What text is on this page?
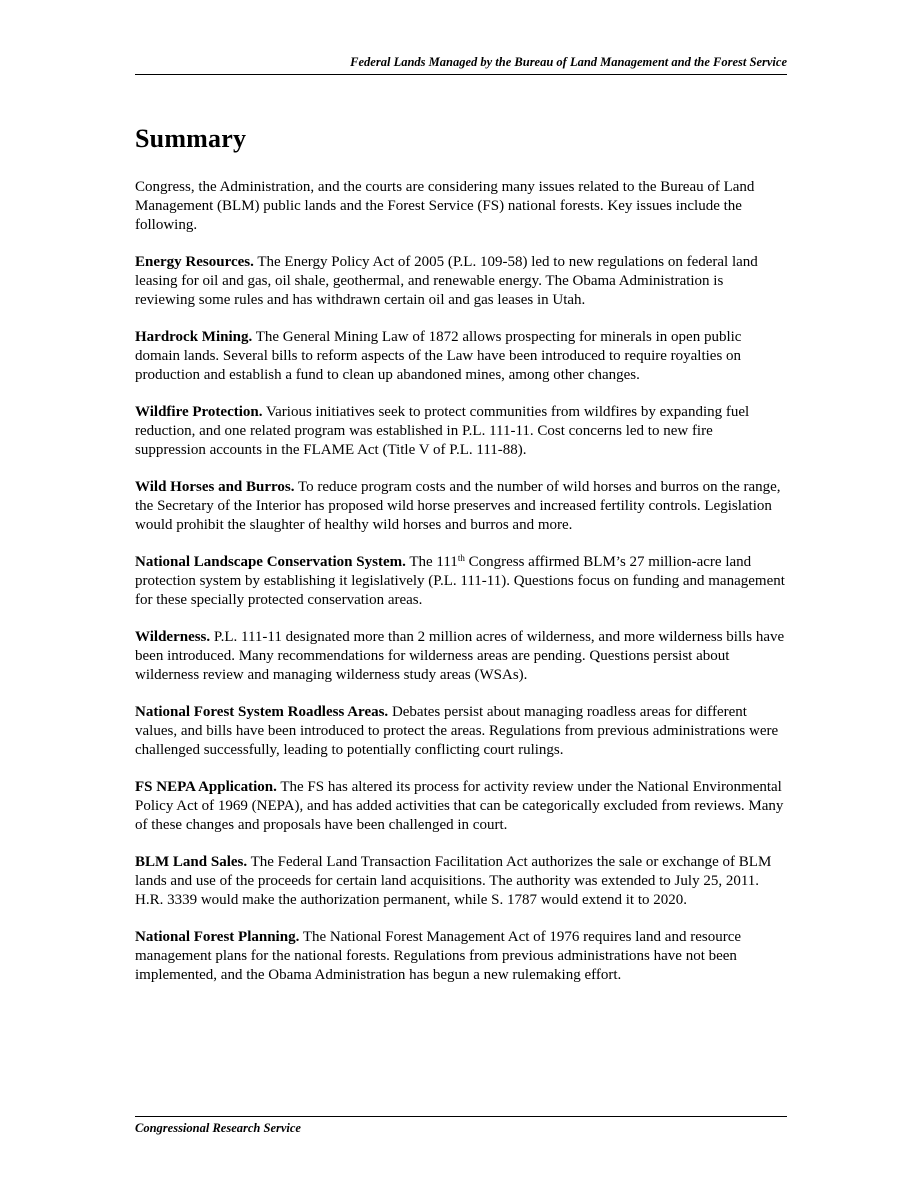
Federal Lands Managed by the Bureau of Land Management and the Forest Service
Summary

Congress, the Administration, and the courts are considering many issues related to the Bureau of Land Management (BLM) public lands and the Forest Service (FS) national forests. Key issues include the following.

Energy Resources. The Energy Policy Act of 2005 (P.L. 109-58) led to new regulations on federal land leasing for oil and gas, oil shale, geothermal, and renewable energy. The Obama Administration is reviewing some rules and has withdrawn certain oil and gas leases in Utah.

Hardrock Mining. The General Mining Law of 1872 allows prospecting for minerals in open public domain lands. Several bills to reform aspects of the Law have been introduced to require royalties on production and establish a fund to clean up abandoned mines, among other changes.

Wildfire Protection. Various initiatives seek to protect communities from wildfires by expanding fuel reduction, and one related program was established in P.L. 111-11. Cost concerns led to new fire suppression accounts in the FLAME Act (Title V of P.L. 111-88).

Wild Horses and Burros. To reduce program costs and the number of wild horses and burros on the range, the Secretary of the Interior has proposed wild horse preserves and increased fertility controls. Legislation would prohibit the slaughter of healthy wild horses and burros and more.

National Landscape Conservation System. The 111th Congress affirmed BLM’s 27 million-acre land protection system by establishing it legislatively (P.L. 111-11). Questions focus on funding and management for these specially protected conservation areas.

Wilderness. P.L. 111-11 designated more than 2 million acres of wilderness, and more wilderness bills have been introduced. Many recommendations for wilderness areas are pending. Questions persist about wilderness review and managing wilderness study areas (WSAs).

National Forest System Roadless Areas. Debates persist about managing roadless areas for different values, and bills have been introduced to protect the areas. Regulations from previous administrations were challenged successfully, leading to potentially conflicting court rulings.

FS NEPA Application. The FS has altered its process for activity review under the National Environmental Policy Act of 1969 (NEPA), and has added activities that can be categorically excluded from reviews. Many of these changes and proposals have been challenged in court.

BLM Land Sales. The Federal Land Transaction Facilitation Act authorizes the sale or exchange of BLM lands and use of the proceeds for certain land acquisitions. The authority was extended to July 25, 2011. H.R. 3339 would make the authorization permanent, while S. 1787 would extend it to 2020.

National Forest Planning. The National Forest Management Act of 1976 requires land and resource management plans for the national forests. Regulations from previous administrations have not been implemented, and the Obama Administration has begun a new rulemaking effort.

Congressional Research Service
